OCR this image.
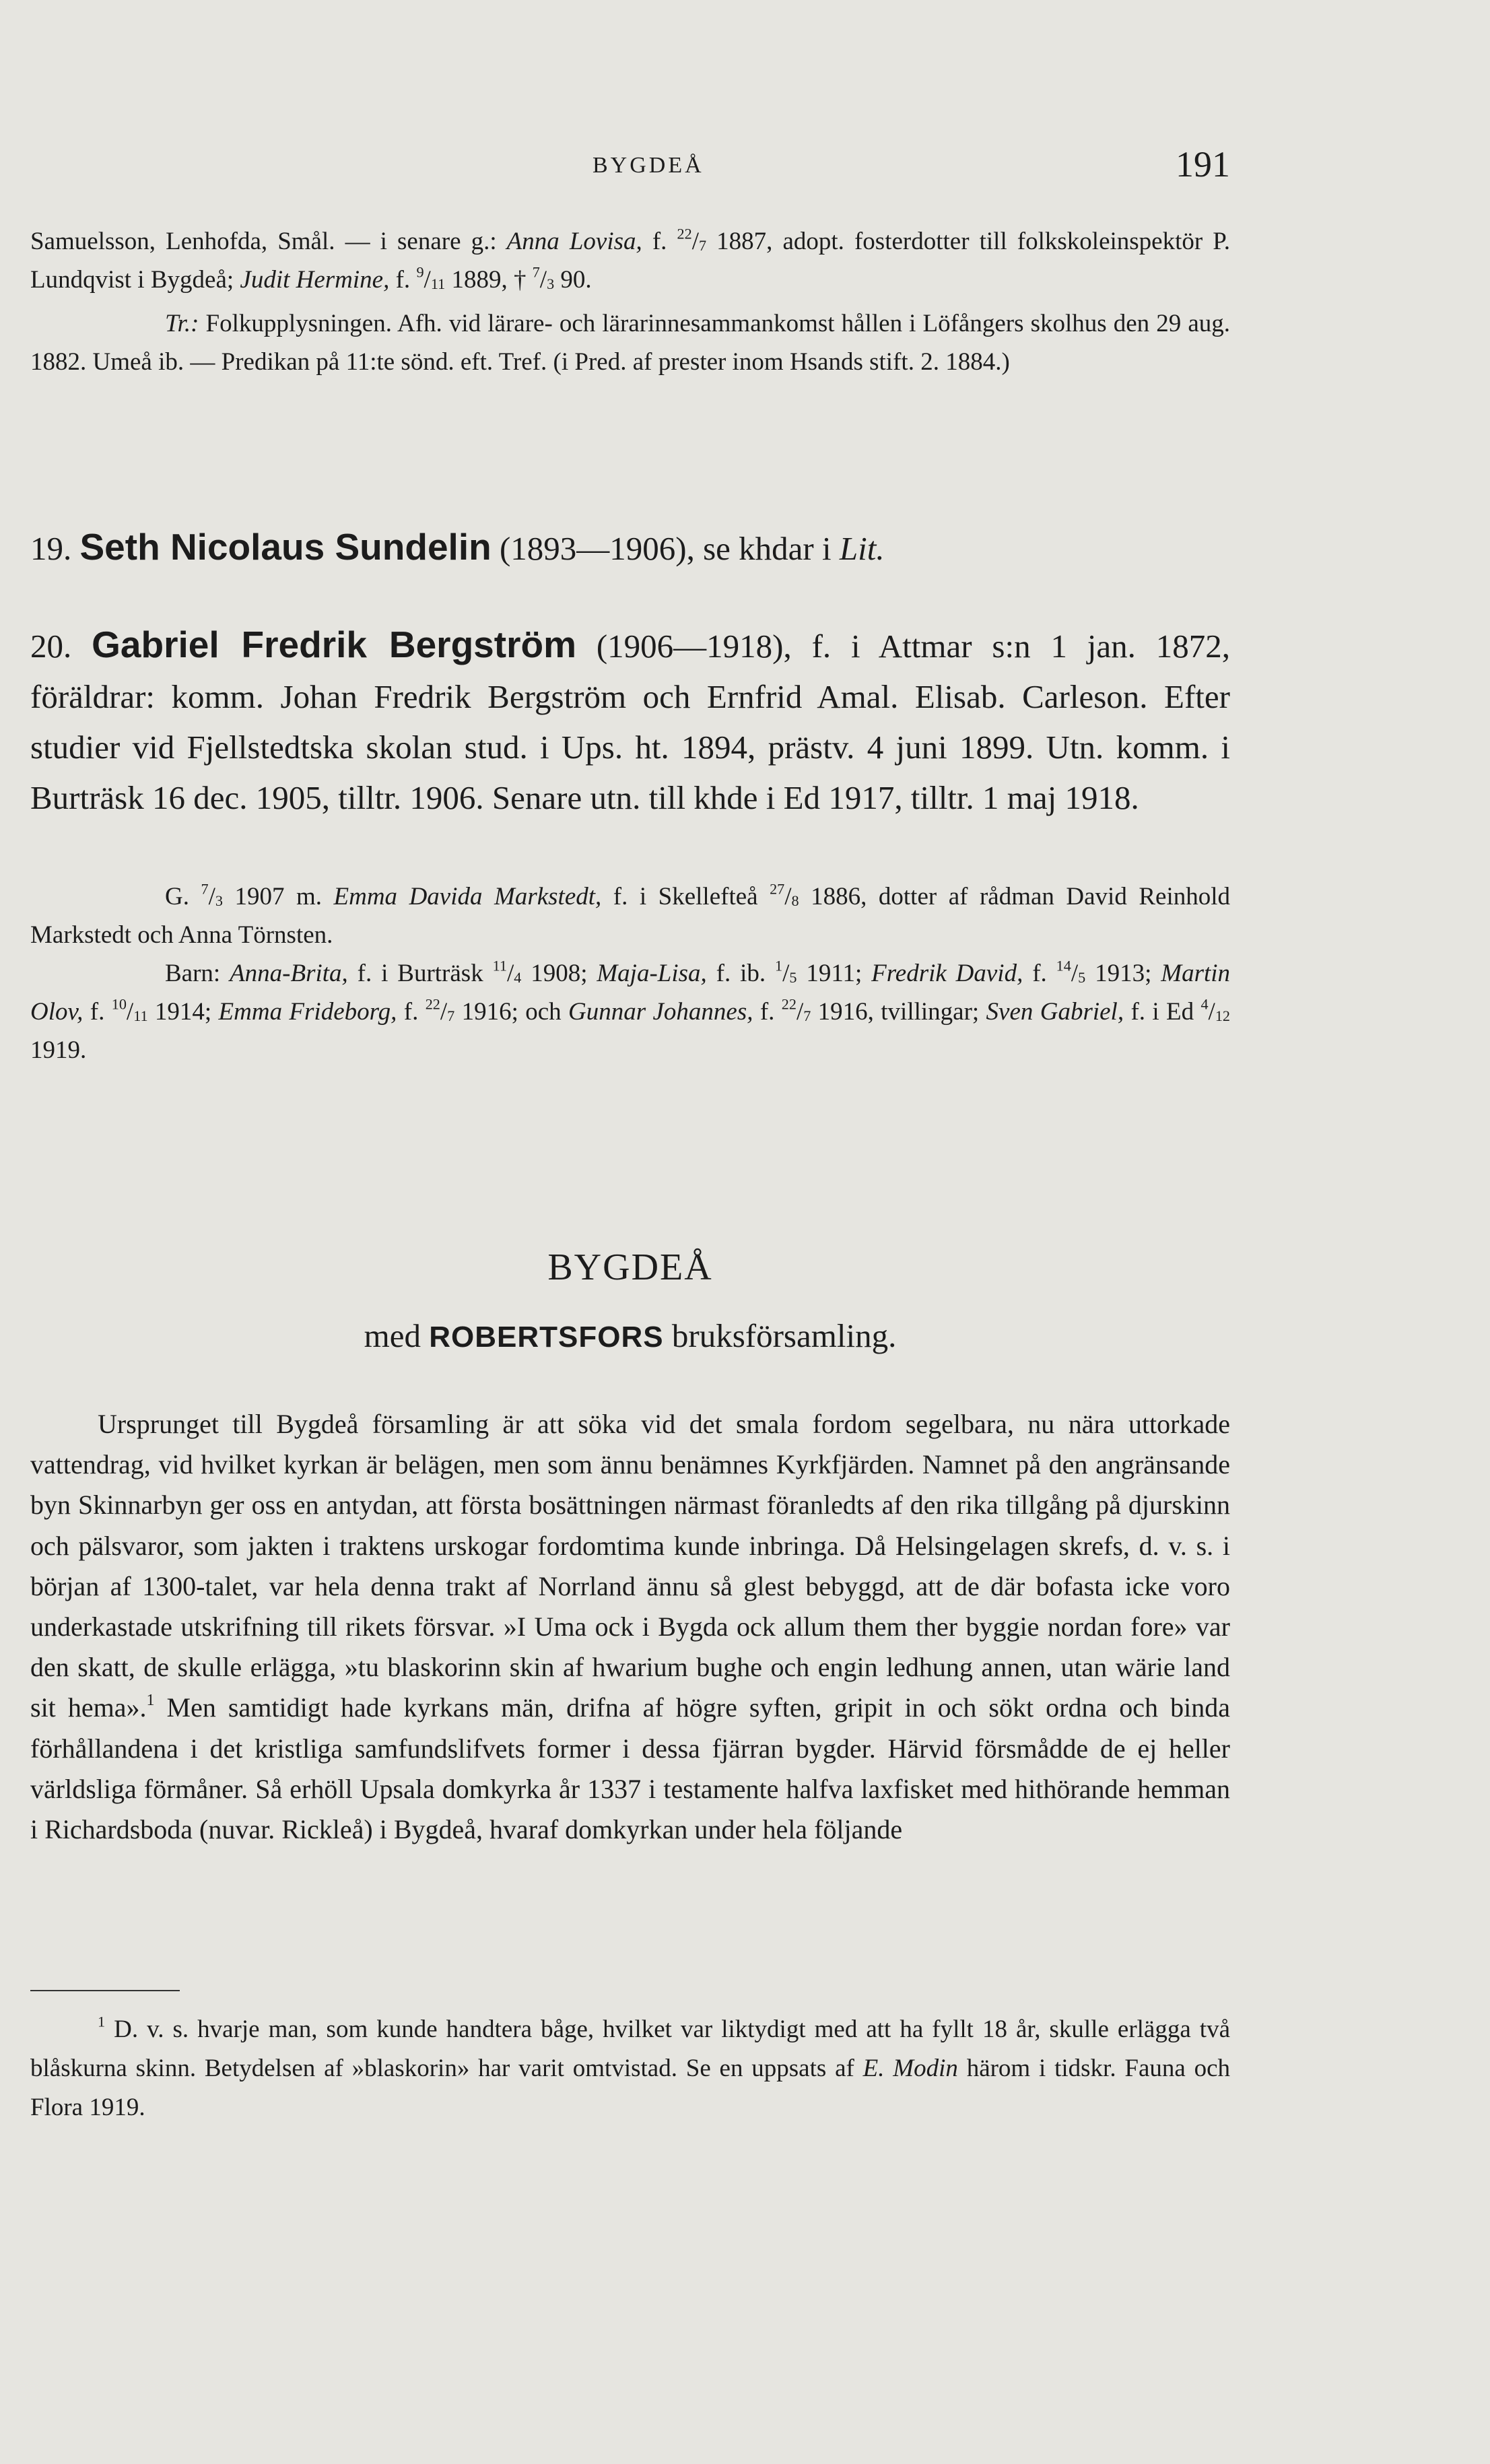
BYGDEÅ	191

Samuelsson, Lenhofda, Smål. — i senare g.: Anna Lovisa, f. $^{22}/_7$ 1887, adopt. fosterdotter till folkskoleinspektör P. Lundqvist i Bygdeå; Judit Hermine, f. $^9/_{11}$ 1889, † $^7/_3$ 90.

Tr.: Folkupplysningen. Afh. vid lärare- och lärarinnesammankomst hållen i Löfångers skolhus den 29 aug. 1882. Umeå ib. — Predikan på 11:te sönd. eft. Tref. (i Pred. af prester inom Hsands stift. 2. 1884.)

19. Seth Nicolaus Sundelin (1893—1906), se khdar i Lit.

20. Gabriel Fredrik Bergström (1906—1918), f. i Attmar s:n 1 jan. 1872, föräldrar: komm. Johan Fredrik Bergström och Ernfrid Amal. Elisab. Carleson. Efter studier vid Fjellstedtska skolan stud. i Ups. ht. 1894, prästv. 4 juni 1899. Utn. komm. i Burträsk 16 dec. 1905, tilltr. 1906. Senare utn. till khde i Ed 1917, tilltr. 1 maj 1918.

G. $^7/_3$ 1907 m. Emma Davida Markstedt, f. i Skellefteå $^{27}/_8$ 1886, dotter af rådman David Reinhold Markstedt och Anna Törnsten.

Barn: Anna-Brita, f. i Burträsk $^{11}/_4$ 1908; Maja-Lisa, f. ib. $^1/_5$ 1911; Fredrik David, f. $^{14}/_5$ 1913; Martin Olov, f. $^{10}/_{11}$ 1914; Emma Frideborg, f. $^{22}/_7$ 1916; och Gunnar Johannes, f. $^{22}/_7$ 1916, tvillingar; Sven Gabriel, f. i Ed $^4/_{12}$ 1919.

BYGDEÅ
med ROBERTSFORS bruksförsamling.

Ursprunget till Bygdeå församling är att söka vid det smala fordom segelbara, nu nära uttorkade vattendrag, vid hvilket kyrkan är belägen, men som ännu benämnes Kyrkfjärden. Namnet på den angränsande byn Skinnarbyn ger oss en antydan, att första bosättningen närmast föranledts af den rika tillgång på djurskinn och pälsvaror, som jakten i traktens urskogar fordomtima kunde inbringa. Då Helsingelagen skrefs, d. v. s. i början af 1300-talet, var hela denna trakt af Norrland ännu så glest bebyggd, att de där bofasta icke voro underkastade utskrifning till rikets försvar. »I Uma ock i Bygda ock allum them ther byggie nordan fore» var den skatt, de skulle erlägga, »tu blaskorinn skin af hwarium bughe och engin ledhung annen, utan wärie land sit hema».$^1$ Men samtidigt hade kyrkans män, drifna af högre syften, gripit in och sökt ordna och binda förhållandena i det kristliga samfundslifvets former i dessa fjärran bygder. Härvid försmådde de ej heller världsliga förmåner. Så erhöll Upsala domkyrka år 1337 i testamente halfva laxfisket med hithörande hemman i Richardsboda (nuvar. Rickleå) i Bygdeå, hvaraf domkyrkan under hela följande

$^1$ D. v. s. hvarje man, som kunde handtera båge, hvilket var liktydigt med att ha fyllt 18 år, skulle erlägga två blåskurna skinn. Betydelsen af »blaskorin» har varit omtvistad. Se en uppsats af E. Modin härom i tidskr. Fauna och Flora 1919.
